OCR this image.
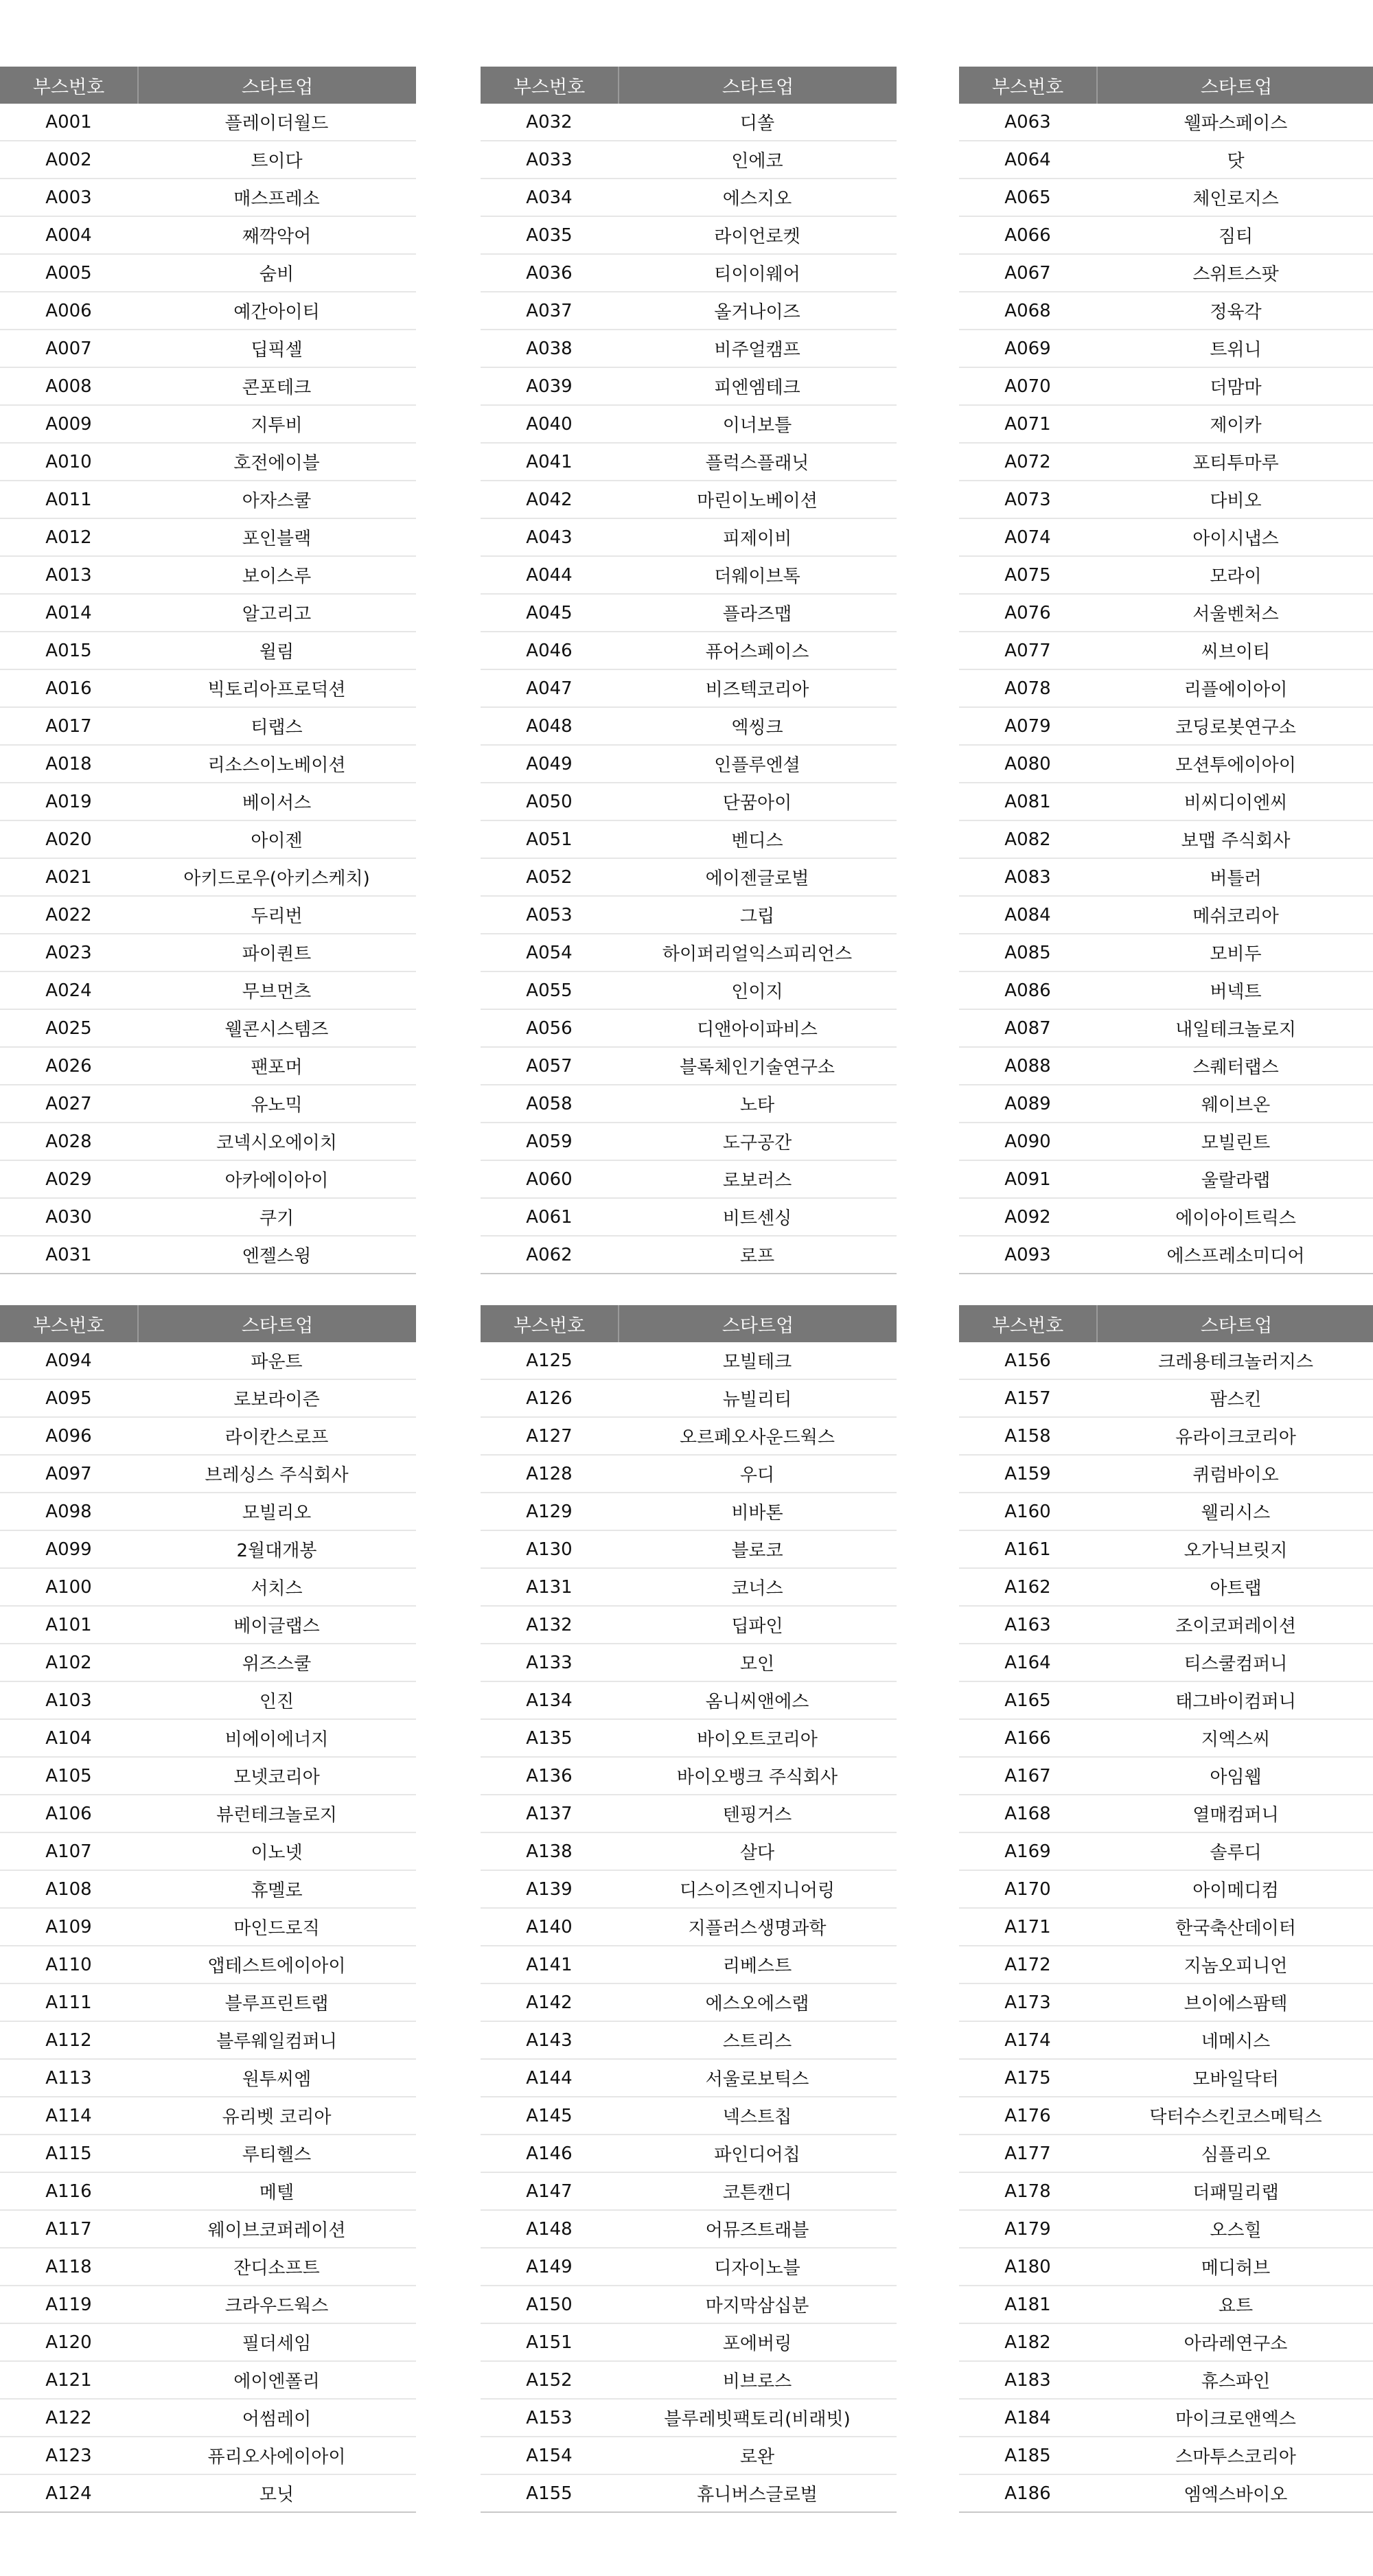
부스번호	스타트업
A001	플레이더월드
A002	트이다
A003	매스프레소
A004	째깍악어
A005	숨비
A006	예간아이티
A007	딥픽셀
A008	콘포테크
A009	지투비
A010	호전에이블
A011	아자스쿨
A012	포인블랙
A013	보이스루
A014	알고리고
A015	윌림
A016	빅토리아프로덕션
A017	티랩스
A018	리소스이노베이션
A019	베이서스
A020	아이젠
A021	아키드로우(아키스케치)
A022	두리번
A023	파이퀀트
A024	무브먼츠
A025	웰콘시스템즈
A026	팬포머
A027	유노믹
A028	코넥시오에이치
A029	아카에이아이
A030	쿠기
A031	엔젤스윙
부스번호	스타트업
A032	디쏠
A033	인에코
A034	에스지오
A035	라이언로켓
A036	티이이웨어
A037	올거나이즈
A038	비주얼캠프
A039	피엔엠테크
A040	이너보틀
A041	플럭스플래닛
A042	마린이노베이션
A043	피제이비
A044	더웨이브톡
A045	플라즈맵
A046	퓨어스페이스
A047	비즈텍코리아
A048	엑씽크
A049	인플루엔셜
A050	단꿈아이
A051	벤디스
A052	에이젠글로벌
A053	그립
A054	하이퍼리얼익스피리언스
A055	인이지
A056	디앤아이파비스
A057	블록체인기술연구소
A058	노타
A059	도구공간
A060	로보러스
A061	비트센싱
A062	로프
부스번호	스타트업
A063	웰파스페이스
A064	닷
A065	체인로지스
A066	짐티
A067	스위트스팟
A068	정육각
A069	트위니
A070	더맘마
A071	제이카
A072	포티투마루
A073	다비오
A074	아이시냅스
A075	모라이
A076	서울벤처스
A077	씨브이티
A078	리플에이아이
A079	코딩로봇연구소
A080	모션투에이아이
A081	비씨디이엔씨
A082	보맵 주식회사
A083	버틀러
A084	메쉬코리아
A085	모비두
A086	버넥트
A087	내일테크놀로지
A088	스퀘터랩스
A089	웨이브온
A090	모빌린트
A091	울랄라랩
A092	에이아이트릭스
A093	에스프레소미디어
부스번호	스타트업
A094	파운트
A095	로보라이즌
A096	라이칸스로프
A097	브레싱스 주식회사
A098	모빌리오
A099	2월대개봉
A100	서치스
A101	베이글랩스
A102	위즈스쿨
A103	인진
A104	비에이에너지
A105	모넷코리아
A106	뷰런테크놀로지
A107	이노넷
A108	휴멜로
A109	마인드로직
A110	앱테스트에이아이
A111	블루프린트랩
A112	블루웨일컴퍼니
A113	원투씨엠
A114	유리벳 코리아
A115	루티헬스
A116	메텔
A117	웨이브코퍼레이션
A118	잔디소프트
A119	크라우드웍스
A120	필더세임
A121	에이엔폴리
A122	어썸레이
A123	퓨리오사에이아이
A124	모닛
부스번호	스타트업
A125	모빌테크
A126	뉴빌리티
A127	오르페오사운드웍스
A128	우디
A129	비바톤
A130	블로코
A131	코너스
A132	딥파인
A133	모인
A134	옴니씨앤에스
A135	바이오트코리아
A136	바이오뱅크 주식회사
A137	텐핑거스
A138	살다
A139	디스이즈엔지니어링
A140	지플러스생명과학
A141	리베스트
A142	에스오에스랩
A143	스트리스
A144	서울로보틱스
A145	넥스트칩
A146	파인디어칩
A147	코튼캔디
A148	어뮤즈트래블
A149	디자이노블
A150	마지막삼십분
A151	포에버링
A152	비브로스
A153	블루레빗팩토리(비래빗)
A154	로완
A155	휴니버스글로벌
부스번호	스타트업
A156	크레용테크놀러지스
A157	팜스킨
A158	유라이크코리아
A159	퀴럼바이오
A160	웰리시스
A161	오가닉브릿지
A162	아트랩
A163	조이코퍼레이션
A164	티스쿨컴퍼니
A165	태그바이컴퍼니
A166	지엑스씨
A167	아임웹
A168	열매컴퍼니
A169	솔루디
A170	아이메디컴
A171	한국축산데이터
A172	지놈오피니언
A173	브이에스팜텍
A174	네메시스
A175	모바일닥터
A176	닥터수스킨코스메틱스
A177	심플리오
A178	더패밀리랩
A179	오스힐
A180	메디허브
A181	요트
A182	아라레연구소
A183	휴스파인
A184	마이크로앤엑스
A185	스마투스코리아
A186	엠엑스바이오
